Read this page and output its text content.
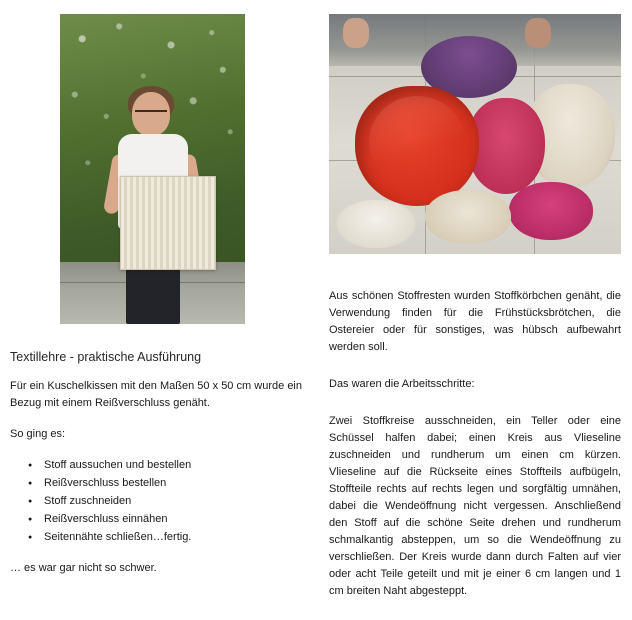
Textillehre - praktische Ausführung

Für ein Kuschelkissen mit den Maßen 50 x 50 cm wurde ein Bezug mit einem Reißverschluss genäht.

So ging es:

● Stoff aussuchen und bestellen
● Reißverschluss bestellen
● Stoff zuschneiden
● Reißverschluss einnähen
● Seitennähte schließen…fertig.

… es war gar nicht so schwer.

Aus schönen Stoffresten wurden Stoffkörbchen genäht, die Verwendung finden für die Frühstücksbrötchen, die Ostereier oder für sonstiges, was hübsch aufbewahrt werden soll.

Das waren die Arbeitsschritte:

Zwei Stoffkreise ausschneiden, ein Teller oder eine Schüssel halfen dabei; einen Kreis aus Vlieseline zuschneiden und rundherum um einen cm kürzen. Vlieseline auf die Rückseite eines Stoffteils aufbügeln, Stoffteile rechts auf rechts legen und sorgfältig umnähen, dabei die Wendeöffnung nicht vergessen. Anschließend den Stoff auf die schöne Seite drehen und rundherum schmalkantig absteppen, um so die Wendeöffnung zu verschließen. Der Kreis wurde dann durch Falten auf vier oder acht Teile geteilt und mit je einer 6 cm langen und 1 cm breiten Naht abgesteppt.
